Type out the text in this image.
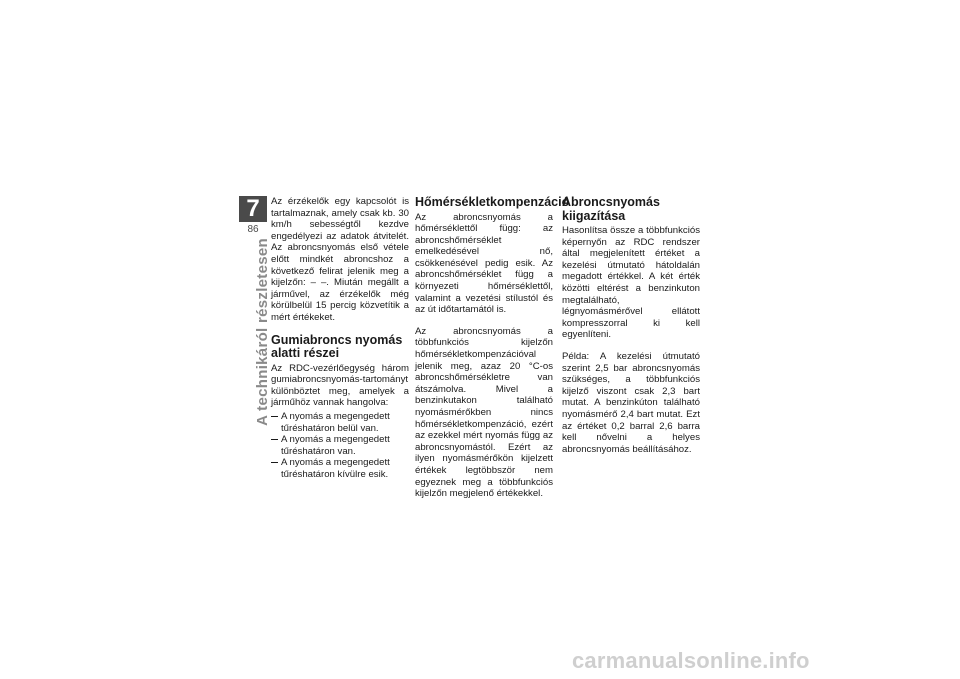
7
86
A technikáról részletesen

Az érzékelők egy kapcsolót is tartalmaznak, amely csak kb. 30 km/h sebességtől kezdve engedélyezi az adatok átvitelét. Az abroncsnyomás első vétele előtt mindkét abroncshoz a következő felirat jelenik meg a kijelzőn: – –. Miután megállt a járművel, az érzékelők még körülbelül 15 percig közvetítik a mért értékeket.

Gumiabroncs nyomás alatti részei

Az RDC-vezérlőegység három gumiabroncsnyomás-tartományt különböztet meg, amelyek a járműhöz vannak hangolva:

A nyomás a megengedett tűréshatáron belül van.
A nyomás a megengedett tűréshatáron van.
A nyomás a megengedett tűréshatáron kívülre esik.
Hőmérsékletkompenzáció

Az abroncsnyomás a hőmérséklettől függ: az abroncshőmérséklet emelkedésével nő, csökkenésével pedig esik. Az abroncshőmérséklet függ a környezeti hőmérséklettől, valamint a vezetési stílustól és az út időtartamától is.

Az abroncsnyomás a többfunkciós kijelzőn hőmérsékletkompenzációval jelenik meg, azaz 20 °C-os abroncshőmérsékletre van átszámolva. Mivel a benzinkutakon található nyomásmérőkben nincs hőmérsékletkompenzáció, ezért az ezekkel mért nyomás függ az abroncsnyomástól. Ezért az ilyen nyomásmérőkön kijelzett értékek legtöbbször nem egyeznek meg a többfunkciós kijelzőn megjelenő értékekkel.

Abroncsnyomás kiigazítása

Hasonlítsa össze a többfunkciós képernyőn az RDC rendszer által megjelenített értéket a kezelési útmutató hátoldalán megadott értékkel. A két érték közötti eltérést a benzinkuton megtalálható, légnyomásmérővel ellátott kompresszorral ki kell egyenlíteni.

Példa: A kezelési útmutató szerint 2,5 bar abroncsnyomás szükséges, a többfunkciós kijelző viszont csak 2,3 bart mutat. A benzinkúton található nyomásmérő 2,4 bart mutat. Ezt az értéket 0,2 barral 2,6 barra kell nővelni a helyes abroncsnyomás beállításához.

carmanualsonline.info
